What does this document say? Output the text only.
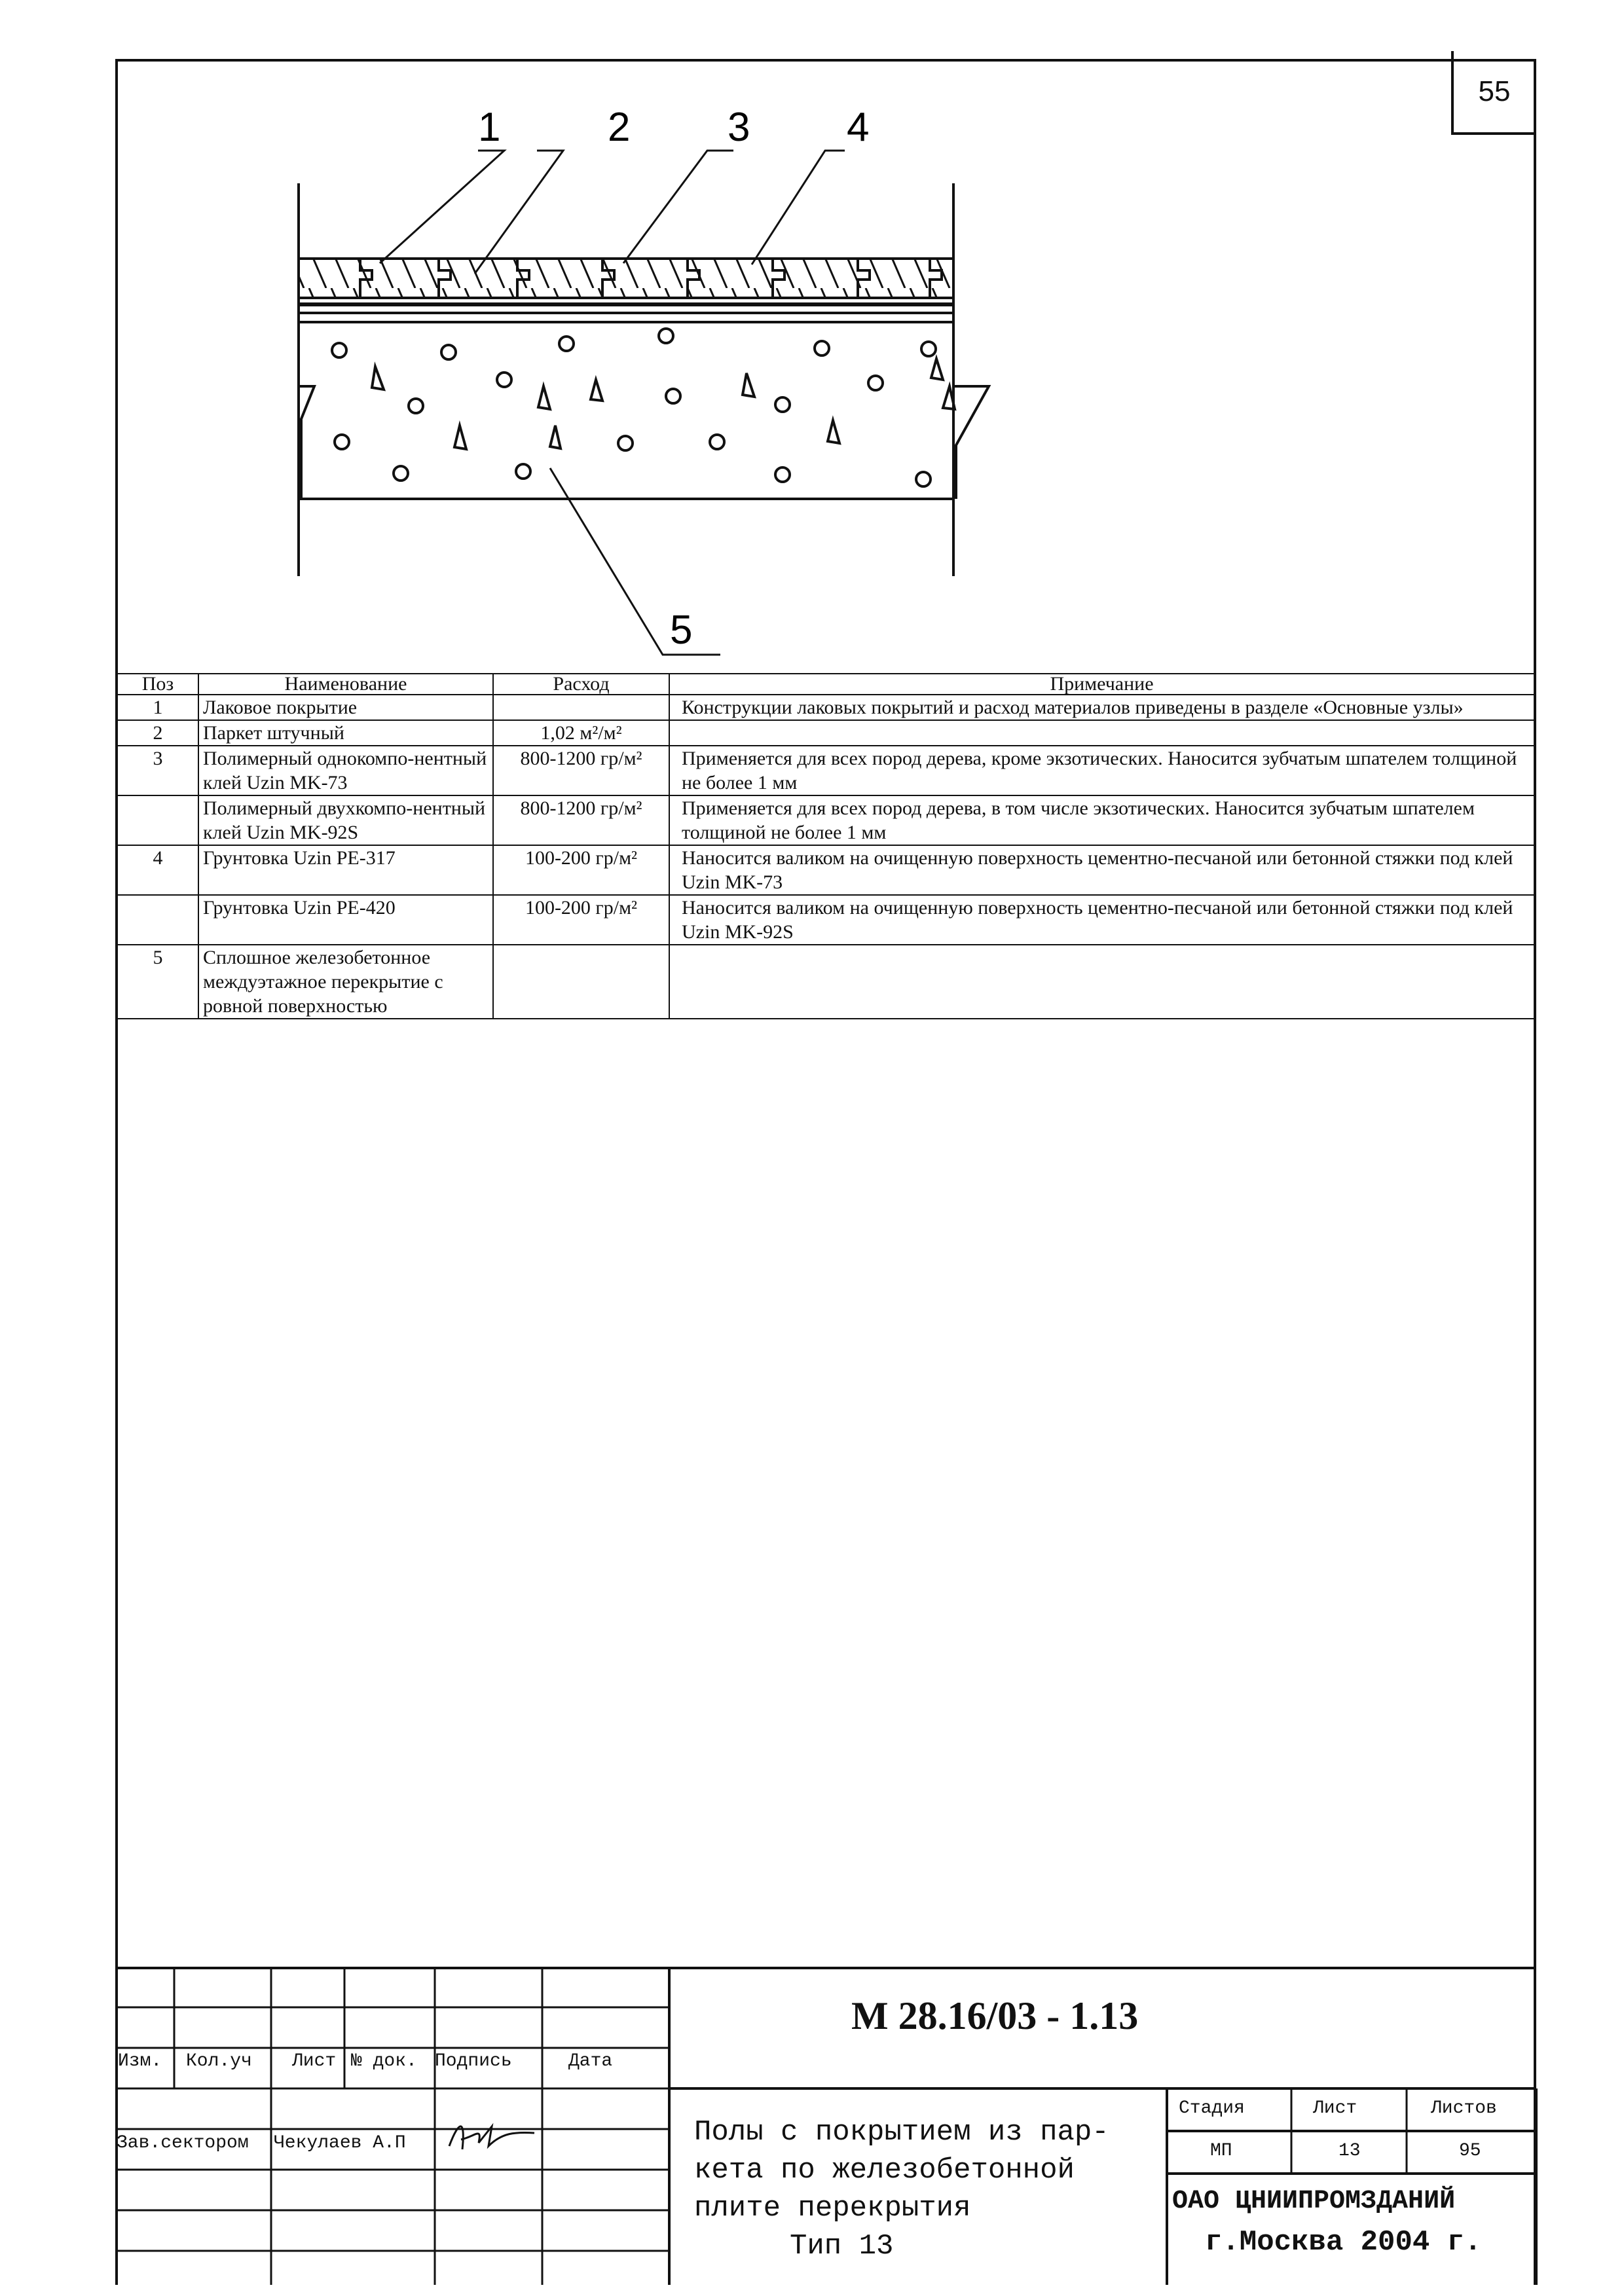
55
1	2 3 4
5
Поз	Наименование	Расход	Примечание
1	Лаковое покрытие		Конструкции лаковых покрытий и расход материалов приведены в разделе «Основные узлы»
2	Паркет штучный	1,02 м²/м²	
3	Полимерный однокомпо-нентный клей Uzin MK-73	800-1200 гр/м²	Применяется для всех пород дерева, кроме экзотических. Наносится зубчатым шпателем толщиной не более 1 мм
	Полимерный двухкомпо-нентный клей Uzin MK-92S	800-1200 гр/м²	Применяется для всех пород дерева, в том числе экзотических. Наносится зубчатым шпателем толщиной не более 1 мм
4	Грунтовка Uzin PE-317	100-200 гр/м²	Наносится валиком на очищенную поверхность цементно-песчаной или бетонной стяжки под клей Uzin MK-73
	Грунтовка Uzin PE-420	100-200 гр/м²	Наносится валиком на очищенную поверхность цементно-песчаной или бетонной стяжки под клей Uzin MK-92S
5	Сплошное железобетонное междуэтажное перекрытие с ровной поверхностью		
М 28.16/03 - 1.13
Изм. Кол.уч Лист № док. Подпись	Дата
Зав.сектором Чекулаев А.П	Полы с покрытием из пар-
кета по железобетонной
плите перекрытия
Тип 13
Стадия	Лист	Листов
МП	13	95
ОАО ЦНИИПРОМЗДАНИЙ
г.Москва 2004 г.
